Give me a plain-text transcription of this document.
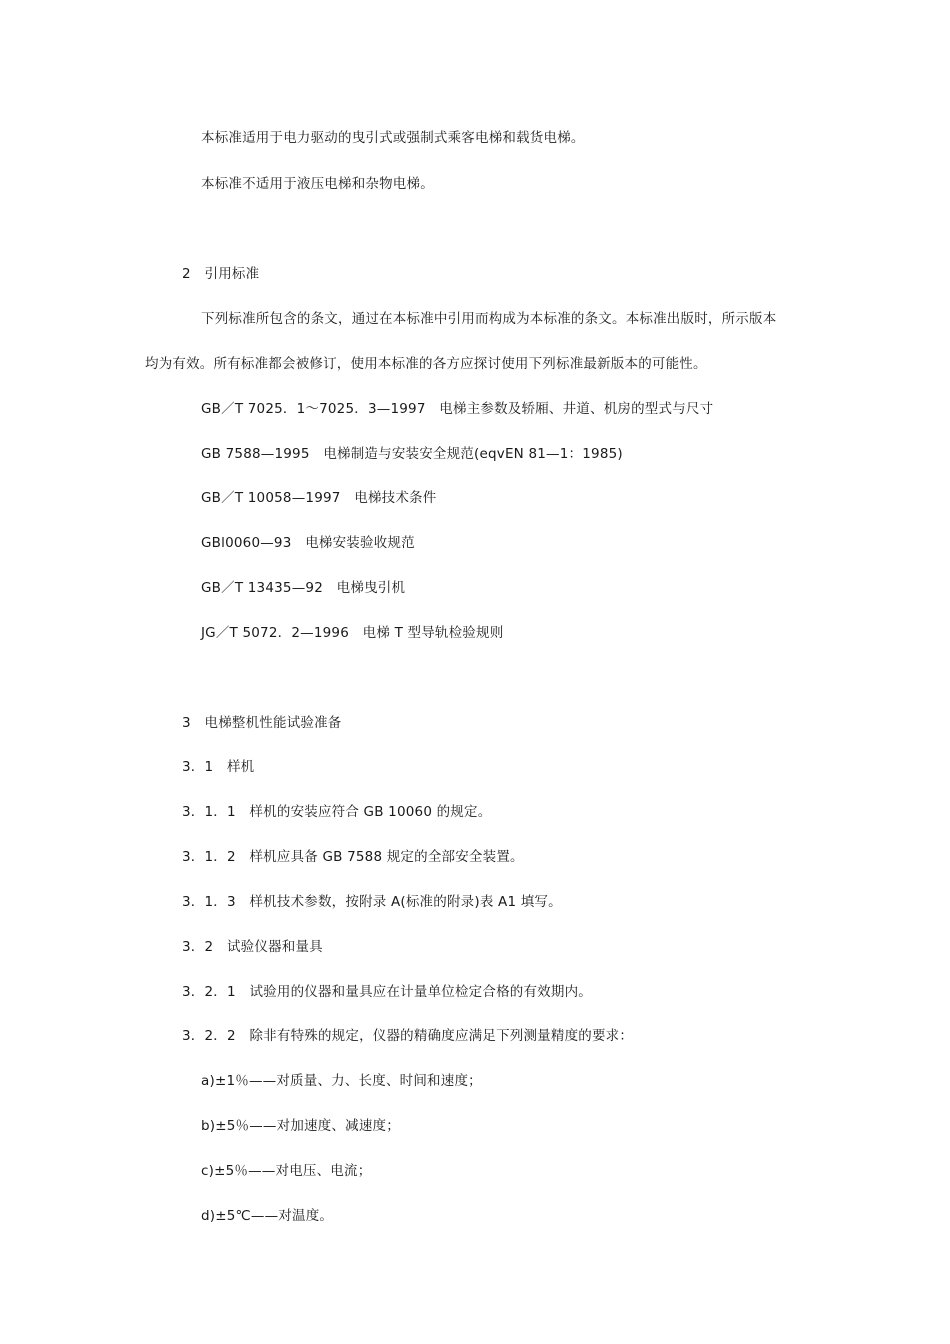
本标准适用于电力驱动的曳引式或强制式乘客电梯和载货电梯。
本标准不适用于液压电梯和杂物电梯。
2　引用标准
下列标准所包含的条文，通过在本标准中引用而构成为本标准的条文。本标准出版时，所示版本
均为有效。所有标准都会被修订，使用本标准的各方应探讨使用下列标准最新版本的可能性。
GB／T 7025．1～7025．3—1997　电梯主参数及轿厢、井道、机房的型式与尺寸
GB 7588—1995　电梯制造与安装安全规范(eqvEN 81—1：1985)
GB／T 10058—1997　电梯技术条件
GBl0060—93　电梯安装验收规范
GB／T 13435—92　电梯曳引机
JG／T 5072．2—1996　电梯 T 型导轨检验规则
3　电梯整机性能试验准备
3．1　样机
3．1．1　样机的安装应符合 GB 10060 的规定。
3．1．2　样机应具备 GB 7588 规定的全部安全装置。
3．1．3　样机技术参数，按附录 A(标准的附录)表 A1 填写。
3．2　试验仪器和量具
3．2．1　试验用的仪器和量具应在计量单位检定合格的有效期内。
3．2．2　除非有特殊的规定，仪器的精确度应满足下列测量精度的要求：
a)±1％——对质量、力、长度、时间和速度；
b)±5％——对加速度、减速度；
c)±5％——对电压、电流；
d)±5℃——对温度。
